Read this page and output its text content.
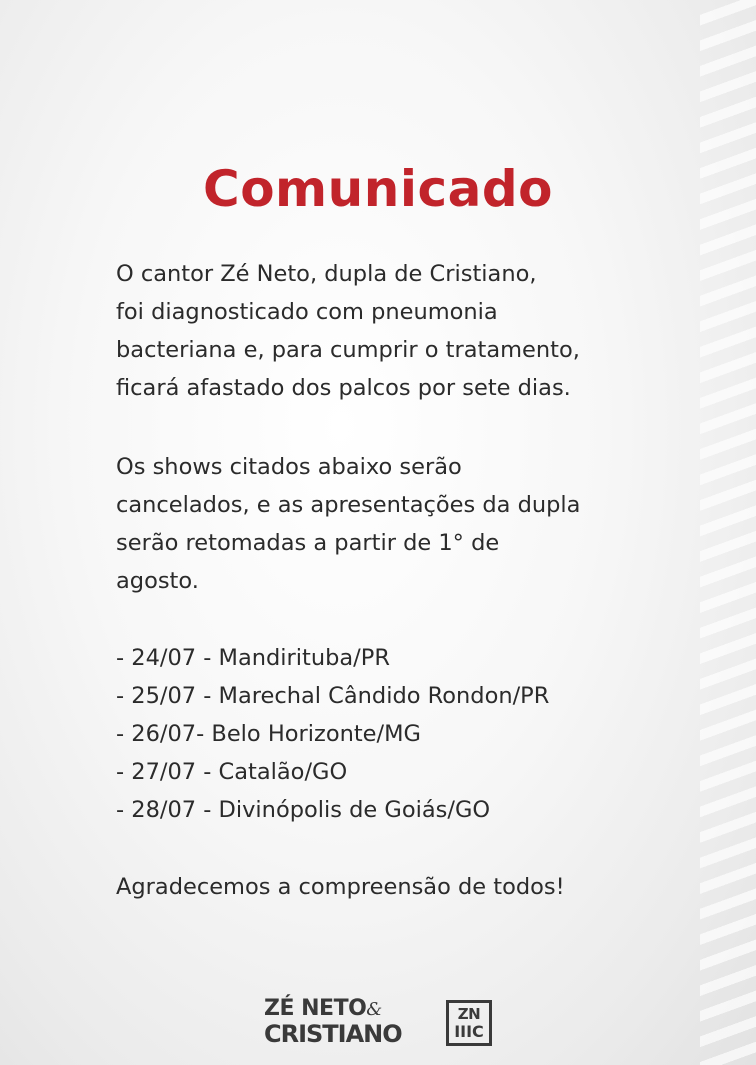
Comunicado

O cantor Zé Neto, dupla de Cristiano,
foi diagnosticado com pneumonia
bacteriana e, para cumprir o tratamento,
ficará afastado dos palcos por sete dias.

Os shows citados abaixo serão
cancelados, e as apresentações da dupla
serão retomadas a partir de 1° de
agosto.

- 24/07 - Mandirituba/PR
- 25/07 - Marechal Cândido Rondon/PR
- 26/07- Belo Horizonte/MG
- 27/07 - Catalão/GO
- 28/07 - Divinópolis de Goiás/GO

Agradecemos a compreensão de todos!

ZÉ NETO&
CRISTIANO
ZN
IIIC
